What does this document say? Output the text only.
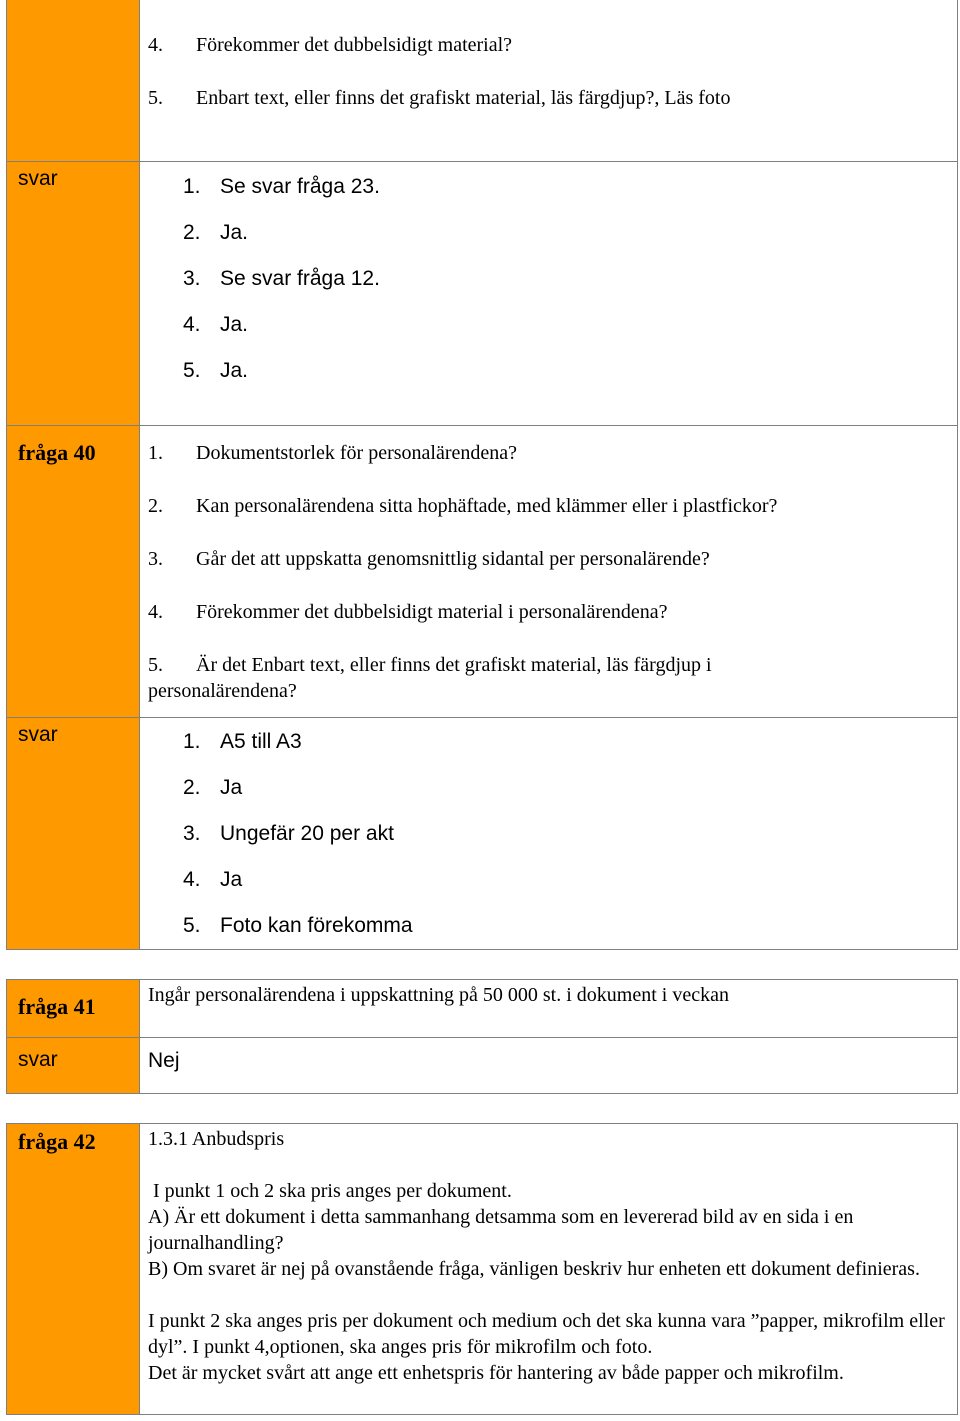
4. Förekommer det dubbelsidigt material?
5. Enbart text, eller finns det grafiskt material, läs färgdjup?, Läs foto
svar	1. Se svar fråga 23.
2. Ja.
3. Se svar fråga 12.
4. Ja.
5. Ja.
fråga 40	1. Dokumentstorlek för personalärendena?
2. Kan personalärendena sitta hophäftade, med klämmer eller i plastfickor?
3. Går det att uppskatta genomsnittlig sidantal per personalärende?
4. Förekommer det dubbelsidigt material i personalärendena?
5. Är det Enbart text, eller finns det grafiskt material, läs färgdjup i
personalärendena?
svar	1. A5 till A3
2. Ja
3. Ungefär 20 per akt
4. Ja
5. Foto kan förekomma
fråga 41	Ingår personalärendena i uppskattning på 50 000 st. i dokument i veckan
svar	Nej
fråga 42	1.3.1 Anbudspris

I punkt 1 och 2 ska pris anges per dokument.

A) Är ett dokument i detta sammanhang detsamma som en levererad bild av en sida i en journalhandling?

B) Om svaret är nej på ovanstående fråga, vänligen beskriv hur enheten ett dokument definieras.

I punkt 2 ska anges pris per dokument och medium och det ska kunna vara ”papper, mikrofilm eller dyl”. I punkt 4,optionen, ska anges pris för mikrofilm och foto.

Det är mycket svårt att ange ett enhetspris för hantering av både papper och mikrofilm.
